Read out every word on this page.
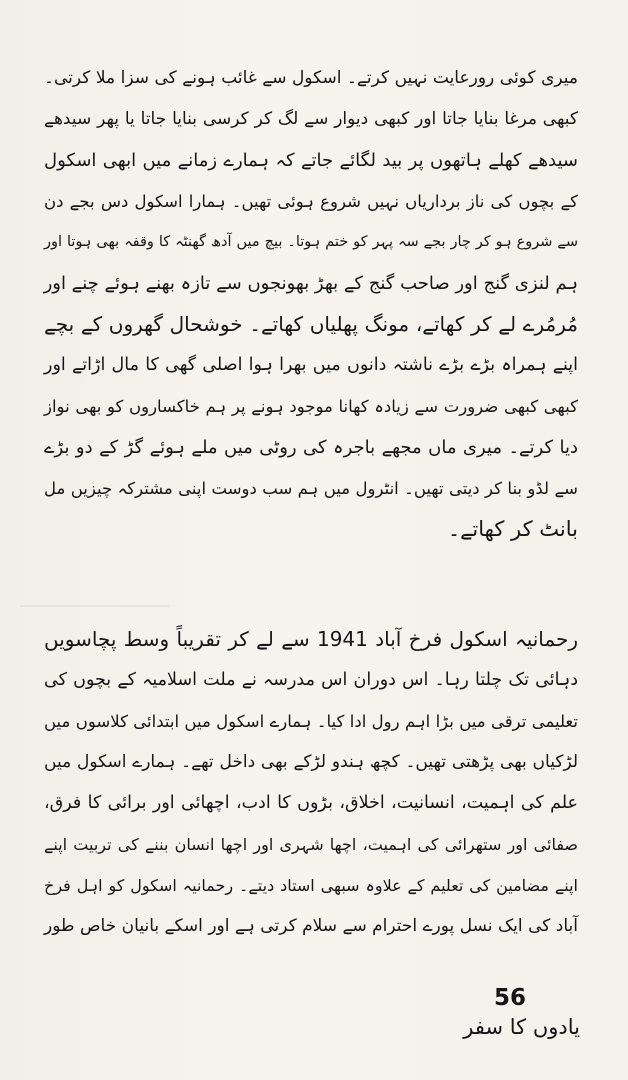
میری کوئی رورعایت نہیں کرتے۔ اسکول سے غائب ہونے کی سزا ملا کرتی۔
کبھی مرغا بنایا جاتا اور کبھی دیوار سے لگ کر کرسی بنایا جاتا یا پھر سیدھے
سیدھے کھلے ہاتھوں پر بید لگائے جاتے کہ ہمارے زمانے میں ابھی اسکول
کے بچوں کی ناز برداریاں نہیں شروع ہوئی تھیں۔ ہمارا اسکول دس بجے دن
سے شروع ہو کر چار بجے سہ پہر کو ختم ہوتا۔ بیچ میں آدھ گھنٹہ کا وقفہ بھی ہوتا اور
ہم لنزی گنج اور صاحب گنج کے بھڑ بھونجوں سے تازہ بھنے ہوئے چنے اور
مُرمُرے لے کر کھاتے، مونگ پھلیاں کھاتے۔ خوشحال گھروں کے بچے
اپنے ہمراہ بڑے بڑے ناشتہ دانوں میں بھرا ہوا اصلی گھی کا مال اڑاتے اور
کبھی کبھی ضرورت سے زیادہ کھانا موجود ہونے پر ہم خاکساروں کو بھی نواز
دیا کرتے۔ میری ماں مجھے باجرہ کی روٹی میں ملے ہوئے گڑ کے دو بڑے
سے لڈو بنا کر دیتی تھیں۔ انٹرول میں ہم سب دوست اپنی مشترکہ چیزیں مل
بانٹ کر کھاتے۔
رحمانیہ اسکول فرخ آباد 1941 سے لے کر تقریباً وسط پچاسویں
دہائی تک چلتا رہا۔ اس دوران اس مدرسہ نے ملت اسلامیہ کے بچوں کی
تعلیمی ترقی میں بڑا اہم رول ادا کیا۔ ہمارے اسکول میں ابتدائی کلاسوں میں
لڑکیاں بھی پڑھتی تھیں۔ کچھ ہندو لڑکے بھی داخل تھے۔ ہمارے اسکول میں
علم کی اہمیت، انسانیت، اخلاق، بڑوں کا ادب، اچھائی اور برائی کا فرق،
صفائی اور ستھرائی کی اہمیت، اچھا شہری اور اچھا انسان بننے کی تربیت اپنے
اپنے مضامین کی تعلیم کے علاوہ سبھی استاد دیتے۔ رحمانیہ اسکول کو اہل فرخ
آباد کی ایک نسل پورے احترام سے سلام کرتی ہے اور اسکے بانیان خاص طور
56
یادوں کا سفر
